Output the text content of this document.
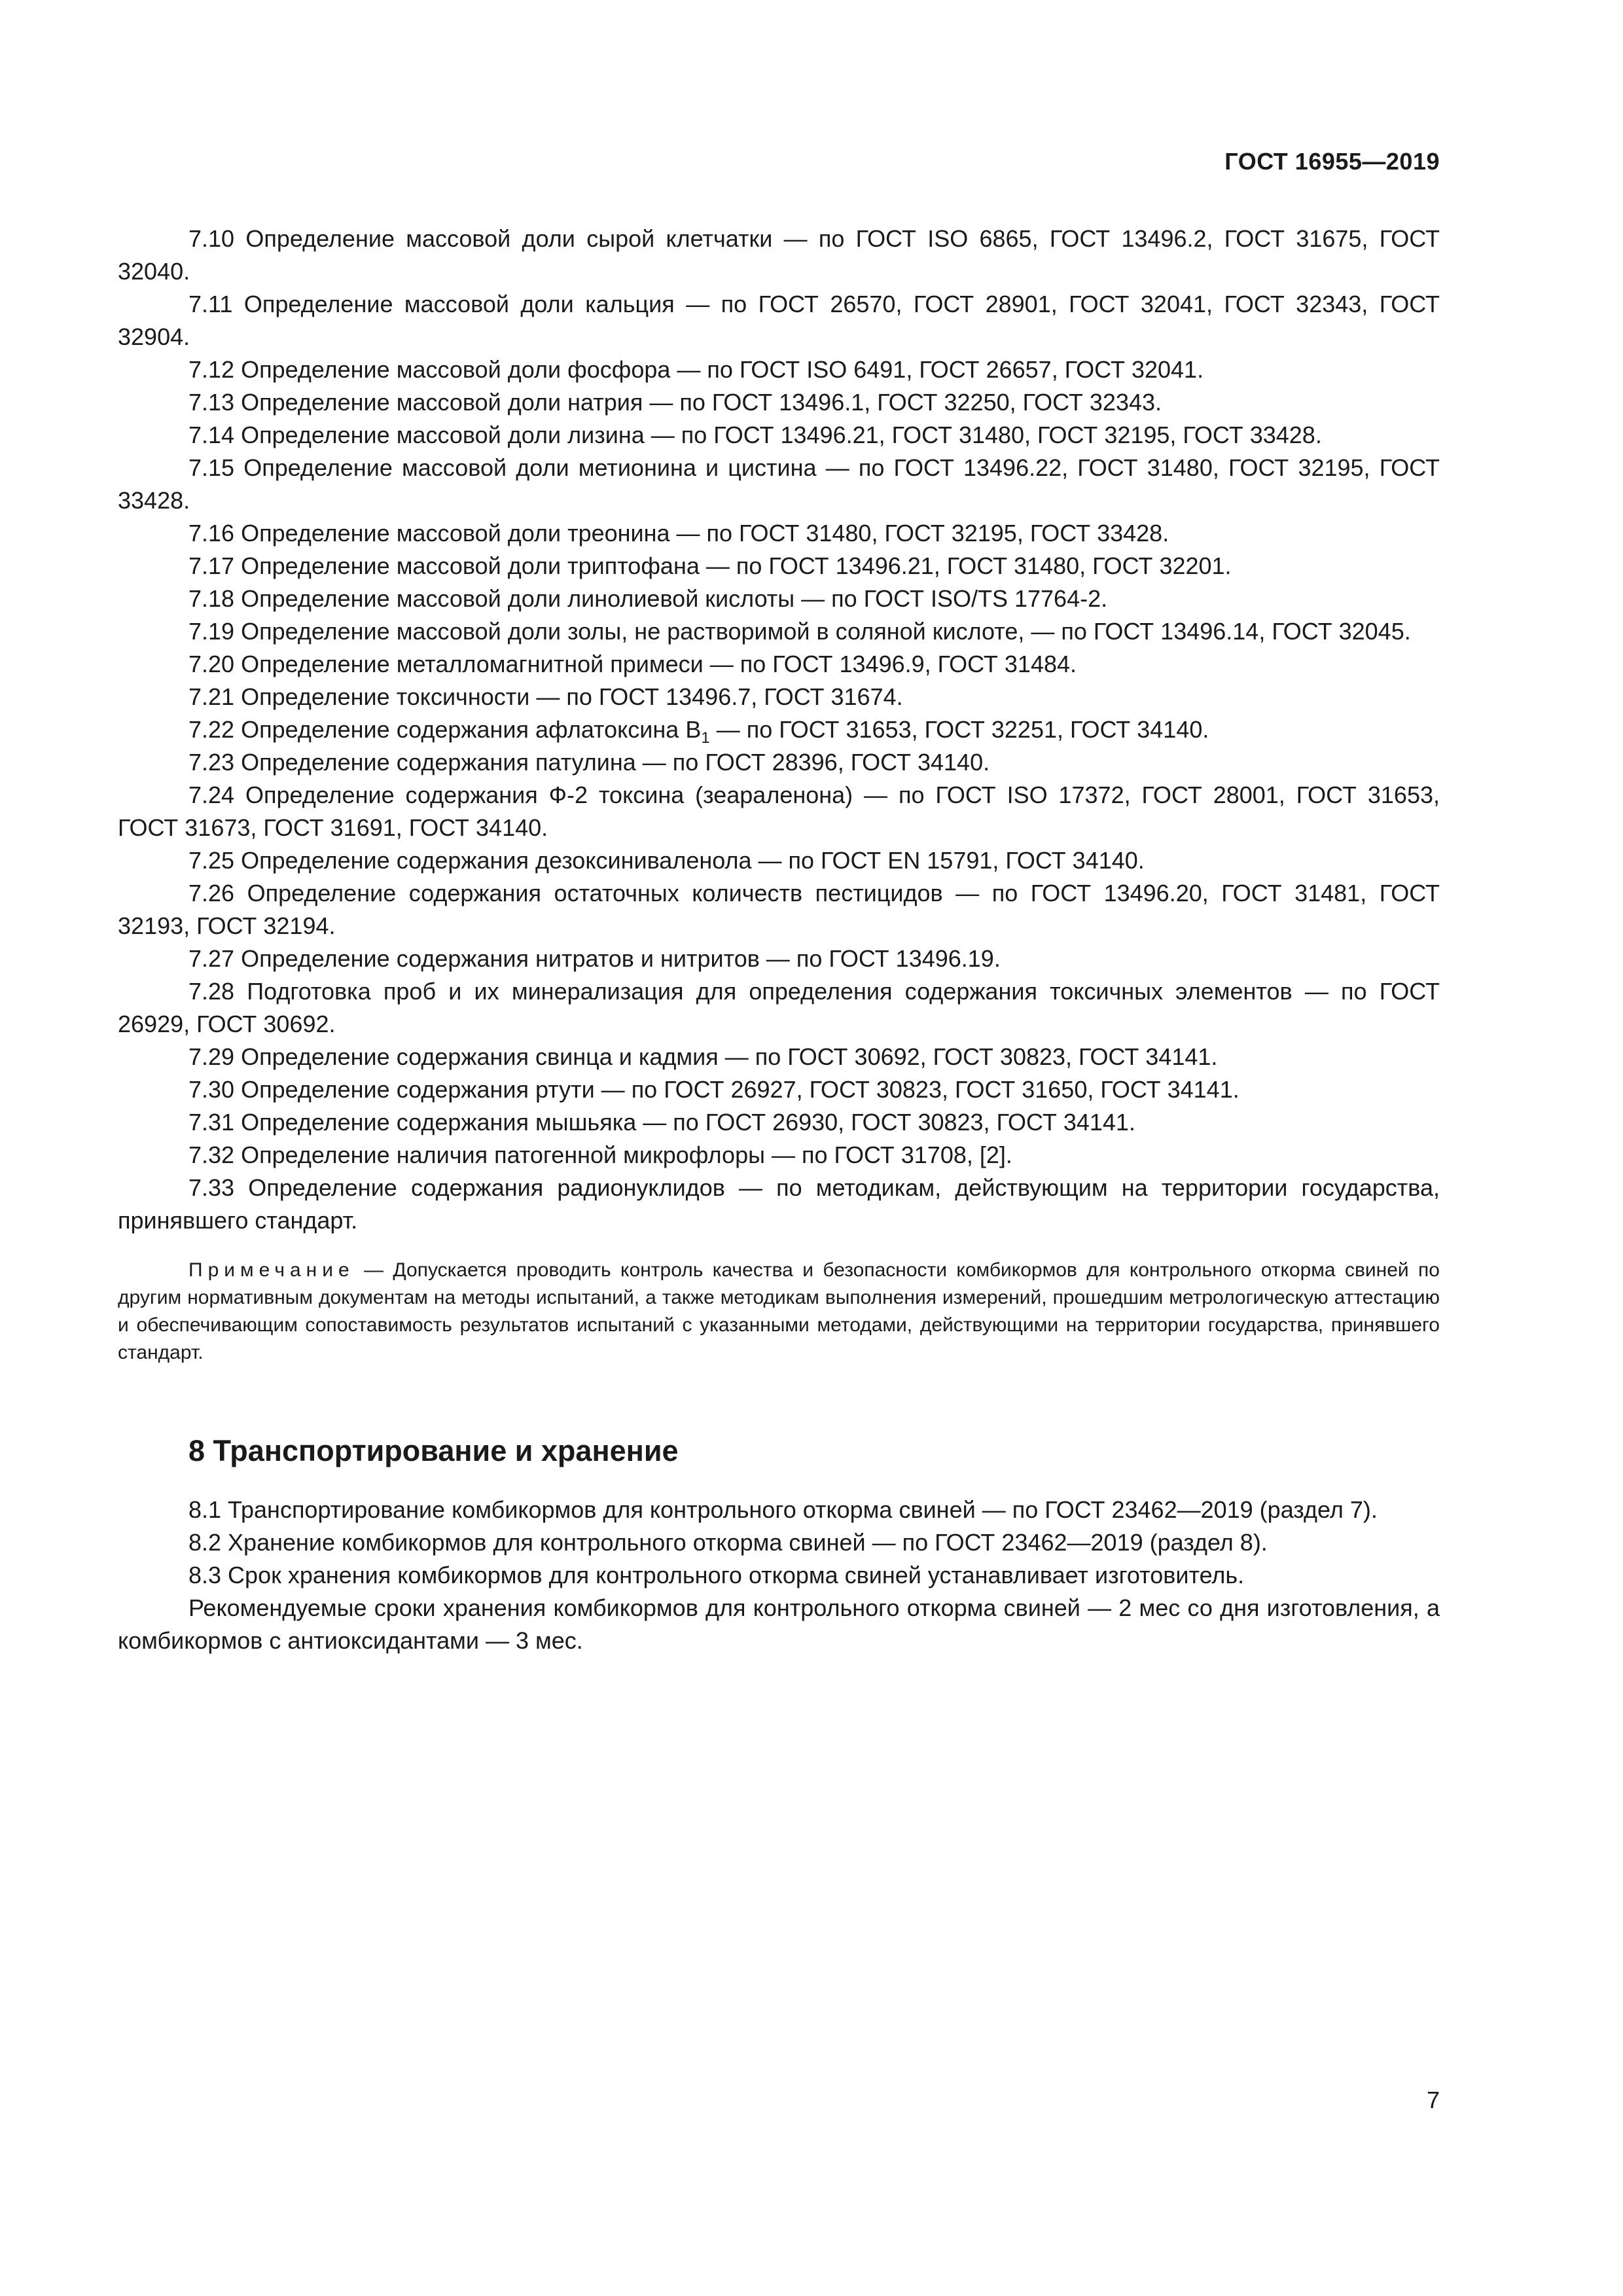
ГОСТ 16955—2019

7.10 Определение массовой доли сырой клетчатки — по ГОСТ ISO 6865, ГОСТ 13496.2, ГОСТ 31675, ГОСТ 32040.

7.11 Определение массовой доли кальция — по ГОСТ 26570, ГОСТ 28901, ГОСТ 32041, ГОСТ 32343, ГОСТ 32904.

7.12 Определение массовой доли фосфора — по ГОСТ ISO 6491, ГОСТ 26657, ГОСТ 32041.

7.13 Определение массовой доли натрия — по ГОСТ 13496.1, ГОСТ 32250, ГОСТ 32343.

7.14 Определение массовой доли лизина — по ГОСТ 13496.21, ГОСТ 31480, ГОСТ 32195, ГОСТ 33428.

7.15 Определение массовой доли метионина и цистина — по ГОСТ 13496.22, ГОСТ 31480, ГОСТ 32195, ГОСТ 33428.

7.16 Определение массовой доли треонина — по ГОСТ 31480, ГОСТ 32195, ГОСТ 33428.

7.17 Определение массовой доли триптофана — по ГОСТ 13496.21, ГОСТ 31480, ГОСТ 32201.

7.18 Определение массовой доли линолиевой кислоты — по ГОСТ ISO/TS 17764-2.

7.19 Определение массовой доли золы, не растворимой в соляной кислоте, — по ГОСТ 13496.14, ГОСТ 32045.

7.20 Определение металломагнитной примеси — по ГОСТ 13496.9, ГОСТ 31484.

7.21 Определение токсичности — по ГОСТ 13496.7, ГОСТ 31674.

7.22 Определение содержания афлатоксина $B_1$ — по ГОСТ 31653, ГОСТ 32251, ГОСТ 34140.

7.23 Определение содержания патулина — по ГОСТ 28396, ГОСТ 34140.

7.24 Определение содержания Ф-2 токсина (зеараленона) — по ГОСТ ISO 17372, ГОСТ 28001, ГОСТ 31653, ГОСТ 31673, ГОСТ 31691, ГОСТ 34140.

7.25 Определение содержания дезоксиниваленола — по ГОСТ EN 15791, ГОСТ 34140.

7.26 Определение содержания остаточных количеств пестицидов — по ГОСТ 13496.20, ГОСТ 31481, ГОСТ 32193, ГОСТ 32194.

7.27 Определение содержания нитратов и нитритов — по ГОСТ 13496.19.

7.28 Подготовка проб и их минерализация для определения содержания токсичных элементов — по ГОСТ 26929, ГОСТ 30692.

7.29 Определение содержания свинца и кадмия — по ГОСТ 30692, ГОСТ 30823, ГОСТ 34141.

7.30 Определение содержания ртути — по ГОСТ 26927, ГОСТ 30823, ГОСТ 31650, ГОСТ 34141.

7.31 Определение содержания мышьяка — по ГОСТ 26930, ГОСТ 30823, ГОСТ 34141.

7.32 Определение наличия патогенной микрофлоры — по ГОСТ 31708, [2].

7.33 Определение содержания радионуклидов — по методикам, действующим на территории государства, принявшего стандарт.

Примечание — Допускается проводить контроль качества и безопасности комбикормов для контрольного откорма свиней по другим нормативным документам на методы испытаний, а также методикам выполнения измерений, прошедшим метрологическую аттестацию и обеспечивающим сопоставимость результатов испытаний с указанными методами, действующими на территории государства, принявшего стандарт.

8 Транспортирование и хранение

8.1 Транспортирование комбикормов для контрольного откорма свиней — по ГОСТ 23462—2019 (раздел 7).

8.2 Хранение комбикормов для контрольного откорма свиней — по ГОСТ 23462—2019 (раздел 8).

8.3 Срок хранения комбикормов для контрольного откорма свиней устанавливает изготовитель.

Рекомендуемые сроки хранения комбикормов для контрольного откорма свиней — 2 мес со дня изготовления, а комбикормов с антиоксидантами — 3 мес.

7
